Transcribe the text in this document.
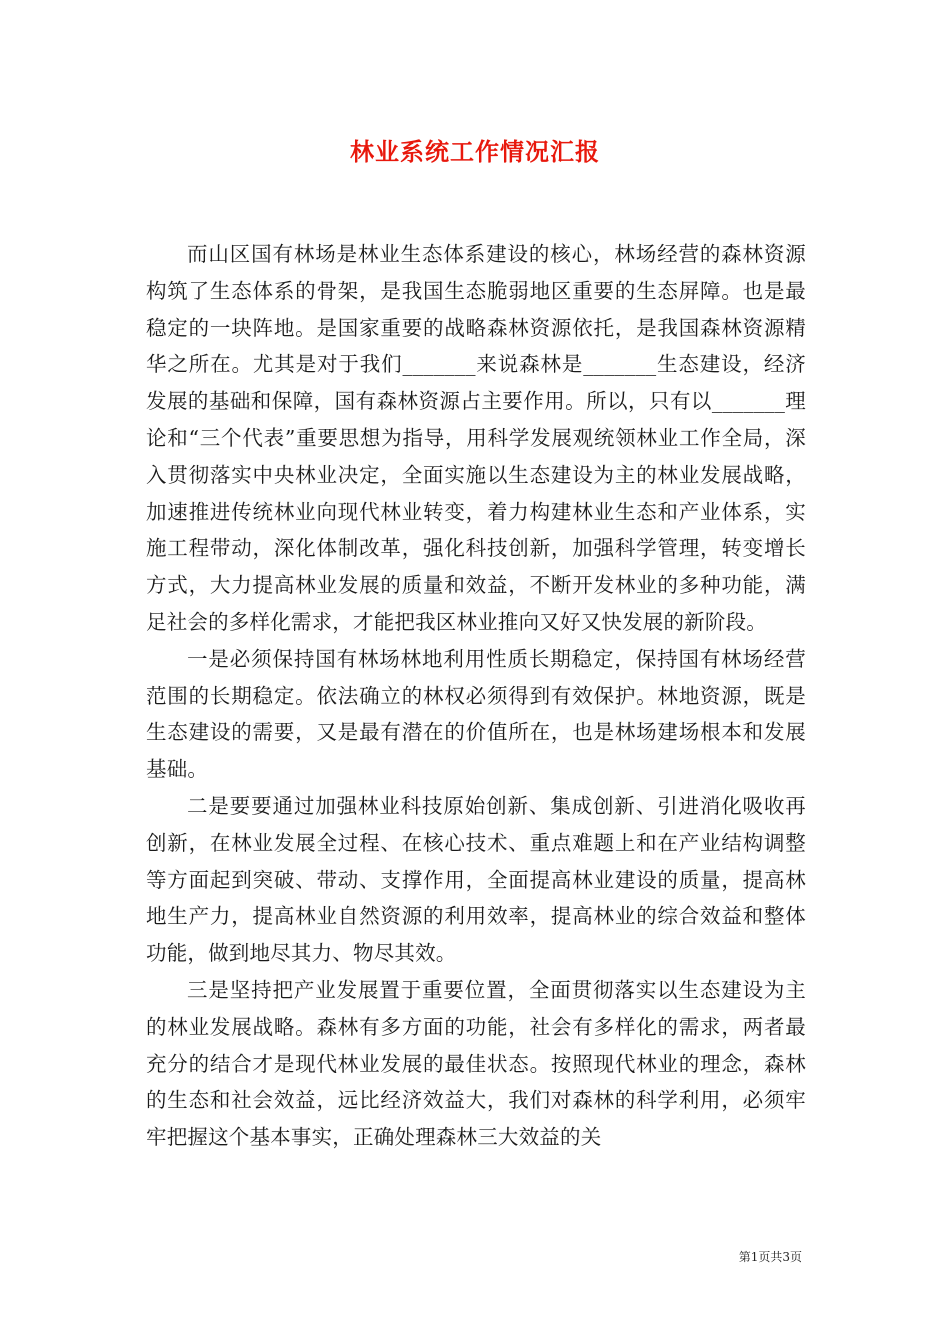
林业系统工作情况汇报

而山区国有林场是林业生态体系建设的核心，林场经营的森林资源构筑了生态体系的骨架，是我国生态脆弱地区重要的生态屏障。也是最稳定的一块阵地。是国家重要的战略森林资源依托，是我国森林资源精华之所在。尤其是对于我们_______来说森林是_______生态建设，经济发展的基础和保障，国有森林资源占主要作用。所以，只有以_______理论和“三个代表”重要思想为指导，用科学发展观统领林业工作全局，深入贯彻落实中央林业决定，全面实施以生态建设为主的林业发展战略，加速推进传统林业向现代林业转变，着力构建林业生态和产业体系，实施工程带动，深化体制改革，强化科技创新，加强科学管理，转变增长方式，大力提高林业发展的质量和效益，不断开发林业的多种功能，满足社会的多样化需求，才能把我区林业推向又好又快发展的新阶段。

一是必须保持国有林场林地利用性质长期稳定，保持国有林场经营范围的长期稳定。依法确立的林权必须得到有效保护。林地资源，既是生态建设的需要，又是最有潜在的价值所在，也是林场建场根本和发展基础。

二是要要通过加强林业科技原始创新、集成创新、引进消化吸收再创新，在林业发展全过程、在核心技术、重点难题上和在产业结构调整等方面起到突破、带动、支撑作用，全面提高林业建设的质量，提高林地生产力，提高林业自然资源的利用效率，提高林业的综合效益和整体功能，做到地尽其力、物尽其效。

三是坚持把产业发展置于重要位置，全面贯彻落实以生态建设为主的林业发展战略。森林有多方面的功能，社会有多样化的需求，两者最充分的结合才是现代林业发展的最佳状态。按照现代林业的理念，森林的生态和社会效益，远比经济效益大，我们对森林的科学利用，必须牢牢把握这个基本事实，正确处理森林三大效益的关

第1页共3页
